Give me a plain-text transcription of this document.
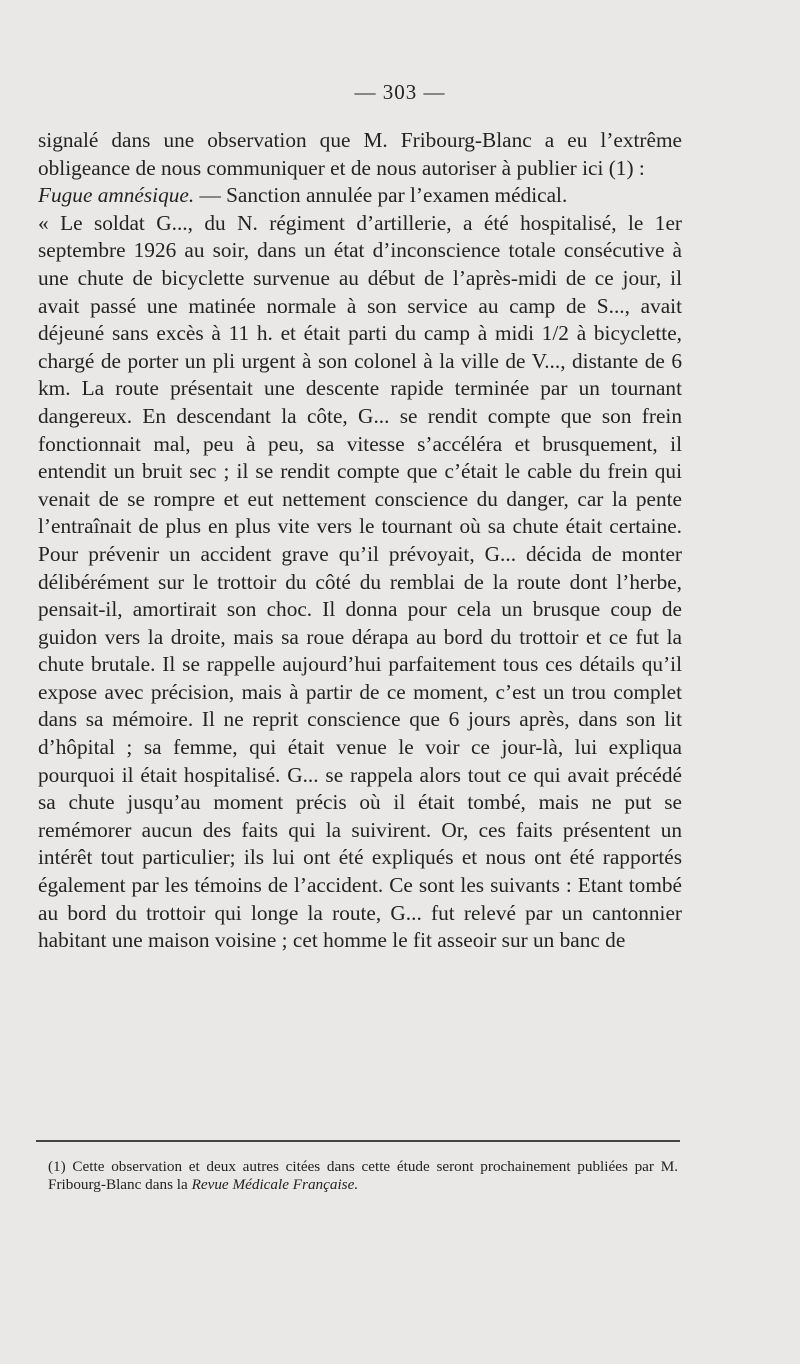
— 303 —

signalé dans une observation que M. Fribourg-Blanc a eu l’extrême obligeance de nous communiquer et de nous autoriser à publier ici (1) :

Fugue amnésique. — Sanction annulée par l’examen médical.

« Le soldat G..., du N. régiment d’artillerie, a été hospitalisé, le 1er septembre 1926 au soir, dans un état d’inconscience totale consécutive à une chute de bicyclette survenue au début de l’après-midi de ce jour, il avait passé une matinée normale à son service au camp de S..., avait déjeuné sans excès à 11 h. et était parti du camp à midi 1/2 à bicyclette, chargé de porter un pli urgent à son colonel à la ville de V..., distante de 6 km. La route présentait une descente rapide terminée par un tournant dangereux. En descendant la côte, G... se rendit compte que son frein fonctionnait mal, peu à peu, sa vitesse s’accéléra et brusquement, il entendit un bruit sec ; il se rendit compte que c’était le cable du frein qui venait de se rompre et eut nettement conscience du danger, car la pente l’entraînait de plus en plus vite vers le tournant où sa chute était certaine. Pour prévenir un accident grave qu’il prévoyait, G... décida de monter délibérément sur le trottoir du côté du remblai de la route dont l’herbe, pensait-il, amortirait son choc. Il donna pour cela un brusque coup de guidon vers la droite, mais sa roue dérapa au bord du trottoir et ce fut la chute brutale. Il se rappelle aujourd’hui parfaitement tous ces détails qu’il expose avec précision, mais à partir de ce moment, c’est un trou complet dans sa mémoire. Il ne reprit conscience que 6 jours après, dans son lit d’hôpital ; sa femme, qui était venue le voir ce jour-là, lui expliqua pourquoi il était hospitalisé. G... se rappela alors tout ce qui avait précédé sa chute jusqu’au moment précis où il était tombé, mais ne put se remémorer aucun des faits qui la suivirent. Or, ces faits présentent un intérêt tout particulier; ils lui ont été expliqués et nous ont été rapportés également par les témoins de l’accident. Ce sont les suivants : Etant tombé au bord du trottoir qui longe la route, G... fut relevé par un cantonnier habitant une maison voisine ; cet homme le fit asseoir sur un banc de

(1) Cette observation et deux autres citées dans cette étude seront prochainement publiées par M. Fribourg-Blanc dans la Revue Médicale Française.
